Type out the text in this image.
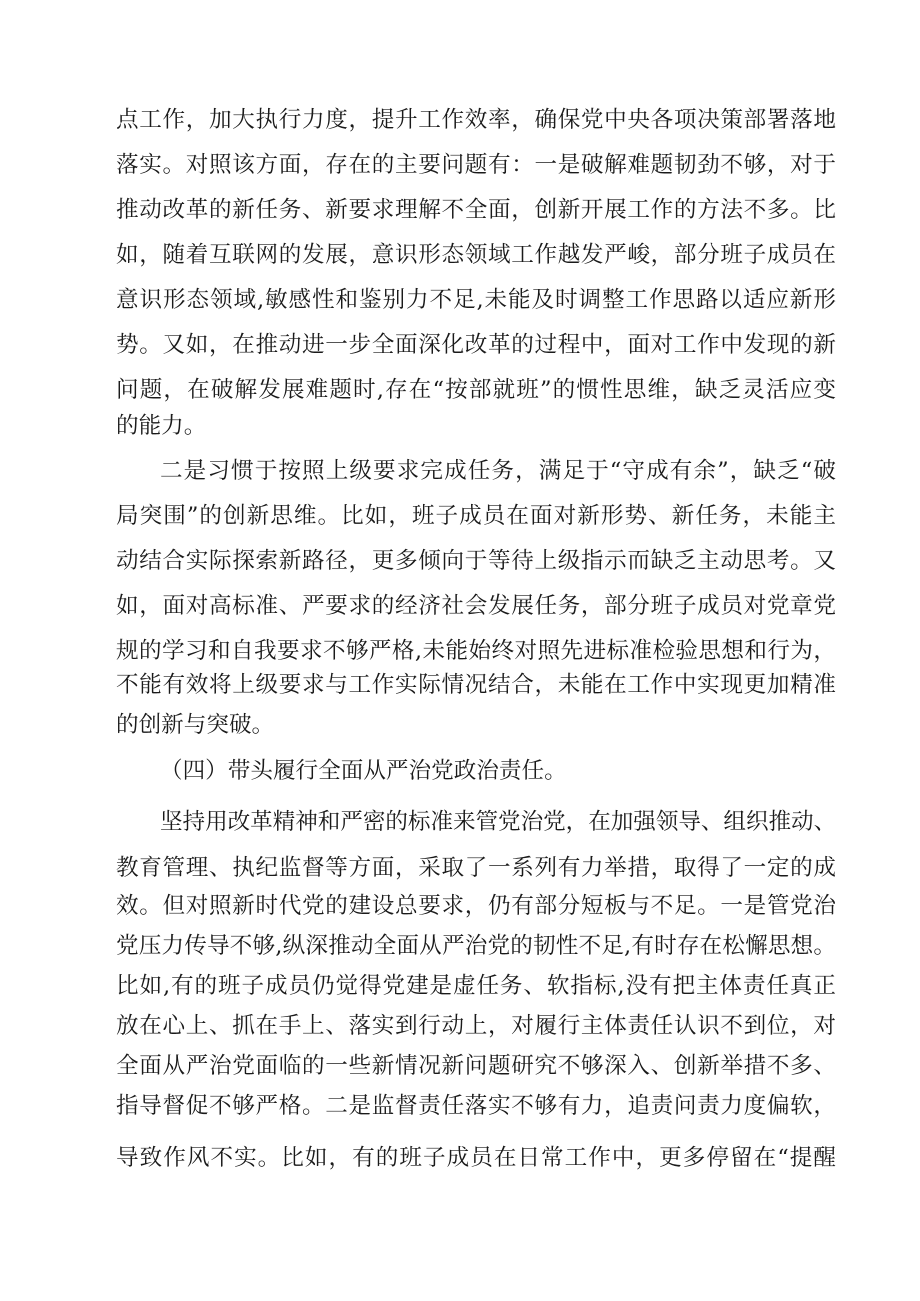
点工作，加大执行力度，提升工作效率，确保党中央各项决策部署落地
落实。对照该方面，存在的主要问题有：一是破解难题韧劲不够，对于
推动改革的新任务、新要求理解不全面，创新开展工作的方法不多。比
如，随着互联网的发展，意识形态领域工作越发严峻，部分班子成员在
意识形态领域,敏感性和鉴别力不足,未能及时调整工作思路以适应新形
势。又如，在推动进一步全面深化改革的过程中，面对工作中发现的新
问题，在破解发展难题时,存在“按部就班”的惯性思维，缺乏灵活应变
的能力。
二是习惯于按照上级要求完成任务，满足于“守成有余”，缺乏“破
局突围”的创新思维。比如，班子成员在面对新形势、新任务，未能主
动结合实际探索新路径，更多倾向于等待上级指示而缺乏主动思考。又
如，面对高标准、严要求的经济社会发展任务，部分班子成员对党章党
规的学习和自我要求不够严格,未能始终对照先进标准检验思想和行为，
不能有效将上级要求与工作实际情况结合，未能在工作中实现更加精准
的创新与突破。
（四）带头履行全面从严治党政治责任。
坚持用改革精神和严密的标准来管党治党，在加强领导、组织推动、
教育管理、执纪监督等方面，采取了一系列有力举措，取得了一定的成
效。但对照新时代党的建设总要求，仍有部分短板与不足。一是管党治
党压力传导不够,纵深推动全面从严治党的韧性不足,有时存在松懈思想。
比如,有的班子成员仍觉得党建是虚任务、软指标,没有把主体责任真正
放在心上、抓在手上、落实到行动上，对履行主体责任认识不到位，对
全面从严治党面临的一些新情况新问题研究不够深入、创新举措不多、
指导督促不够严格。二是监督责任落实不够有力，追责问责力度偏软，
导致作风不实。比如，有的班子成员在日常工作中，更多停留在“提醒
